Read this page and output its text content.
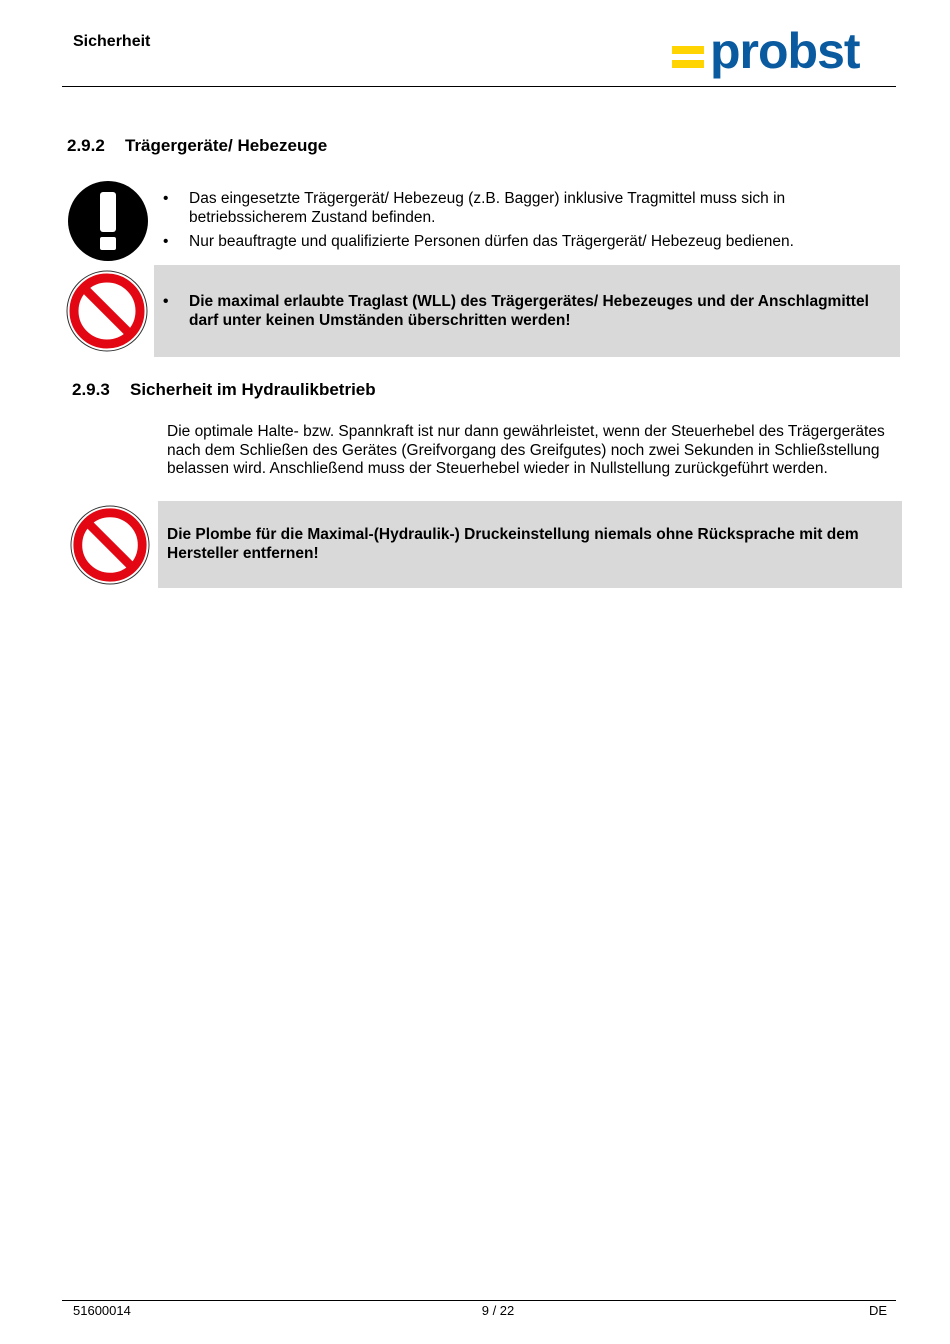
Sicherheit	probst
2.9.2 Trägergeräte/ Hebezeuge
• Das eingesetzte Trägergerät/ Hebezeug (z.B. Bagger) inklusive Tragmittel muss sich in betriebssicherem Zustand befinden.
• Nur beauftragte und qualifizierte Personen dürfen das Trägergerät/ Hebezeug bedienen.
• Die maximal erlaubte Traglast (WLL) des Trägergerätes/ Hebezeuges und der Anschlagmittel darf unter keinen Umständen überschritten werden!
2.9.3 Sicherheit im Hydraulikbetrieb
Die optimale Halte- bzw. Spannkraft ist nur dann gewährleistet, wenn der Steuerhebel des Trägergerätes nach dem Schließen des Gerätes (Greifvorgang des Greifgutes) noch zwei Sekunden in Schließstellung belassen wird. Anschließend muss der Steuerhebel wieder in Nullstellung zurückgeführt werden.
Die Plombe für die Maximal-(Hydraulik-) Druckeinstellung niemals ohne Rücksprache mit dem Hersteller entfernen!
51600014	9 / 22	DE
